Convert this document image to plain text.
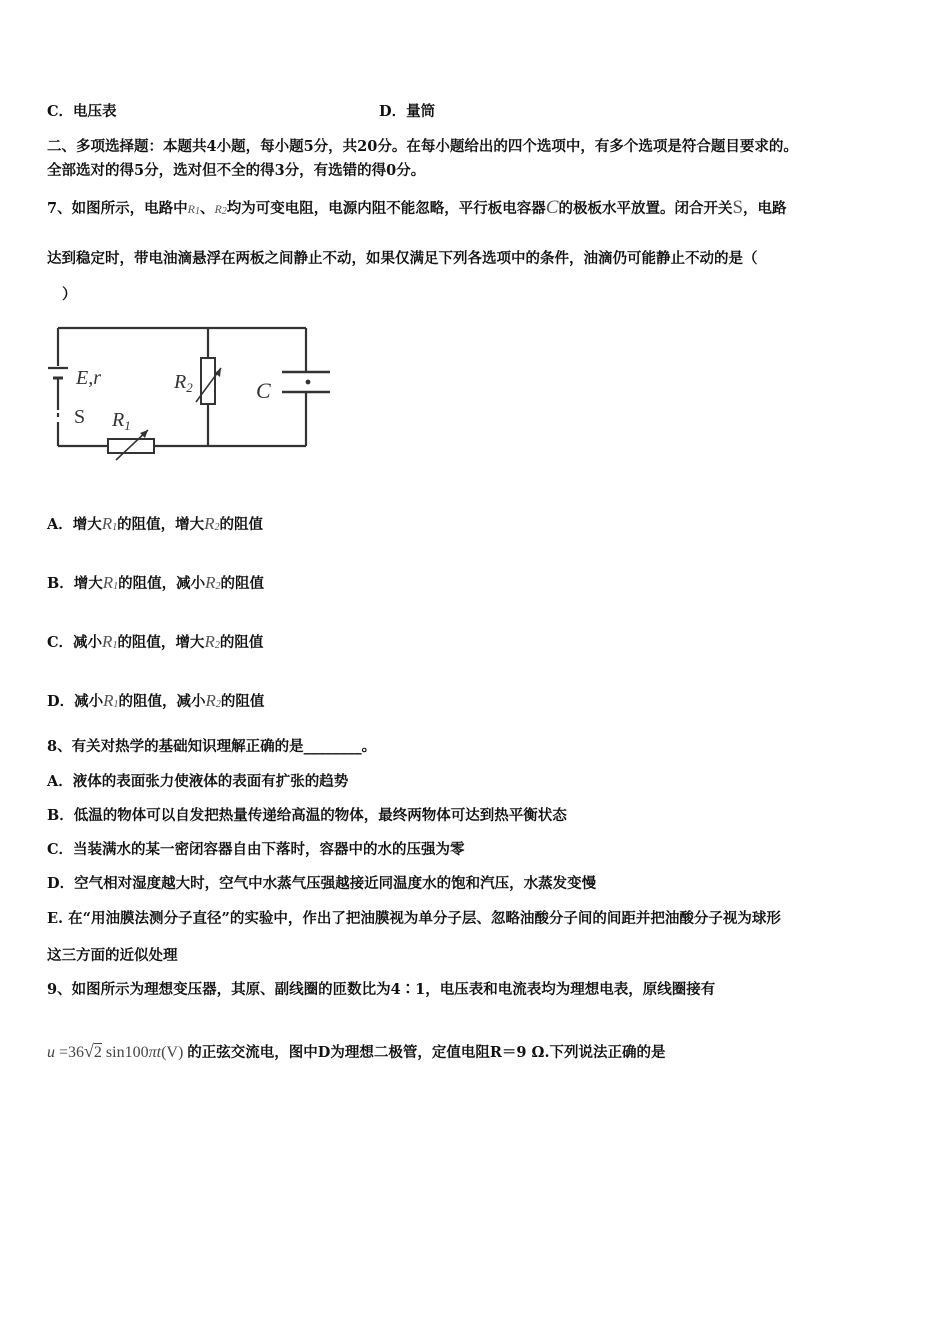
C．电压表	D．量筒
二、多项选择题：本题共4小题，每小题5分，共20分。在每小题给出的四个选项中，有多个选项是符合题目要求的。
全部选对的得5分，选对但不全的得3分，有选错的得0分。
7、如图所示，电路中R1、R2均为可变电阻，电源内阻不能忽略，平行板电容器C的极板水平放置。闭合开关S，电路
达到稳定时，带电油滴悬浮在两板之间静止不动，如果仅满足下列各选项中的条件，油滴仍可能静止不动的是（
）
E,r
S $R_1$
$R_2$	C
A．增大R1的阻值，增大R2的阻值
B．增大R1的阻值，减小R2的阻值
C．减小R1的阻值，增大R2的阻值
D．减小R1的阻值，减小R2的阻值
8、有关对热学的基础知识理解正确的是________。
A．液体的表面张力使液体的表面有扩张的趋势
B．低温的物体可以自发把热量传递给高温的物体，最终两物体可达到热平衡状态
C．当装满水的某一密闭容器自由下落时，容器中的水的压强为零
D．空气相对湿度越大时，空气中水蒸气压强越接近同温度水的饱和汽压，水蒸发变慢
E. 在“用油膜法测分子直径”的实验中，作出了把油膜视为单分子层、忽略油酸分子间的间距并把油酸分子视为球形
这三方面的近似处理
9、如图所示为理想变压器，其原、副线圈的匝数比为4∶1，电压表和电流表均为理想电表，原线圈接有
u =36√2 sin100πt(V) 的正弦交流电，图中D为理想二极管，定值电阻R＝9 Ω.下列说法正确的是
